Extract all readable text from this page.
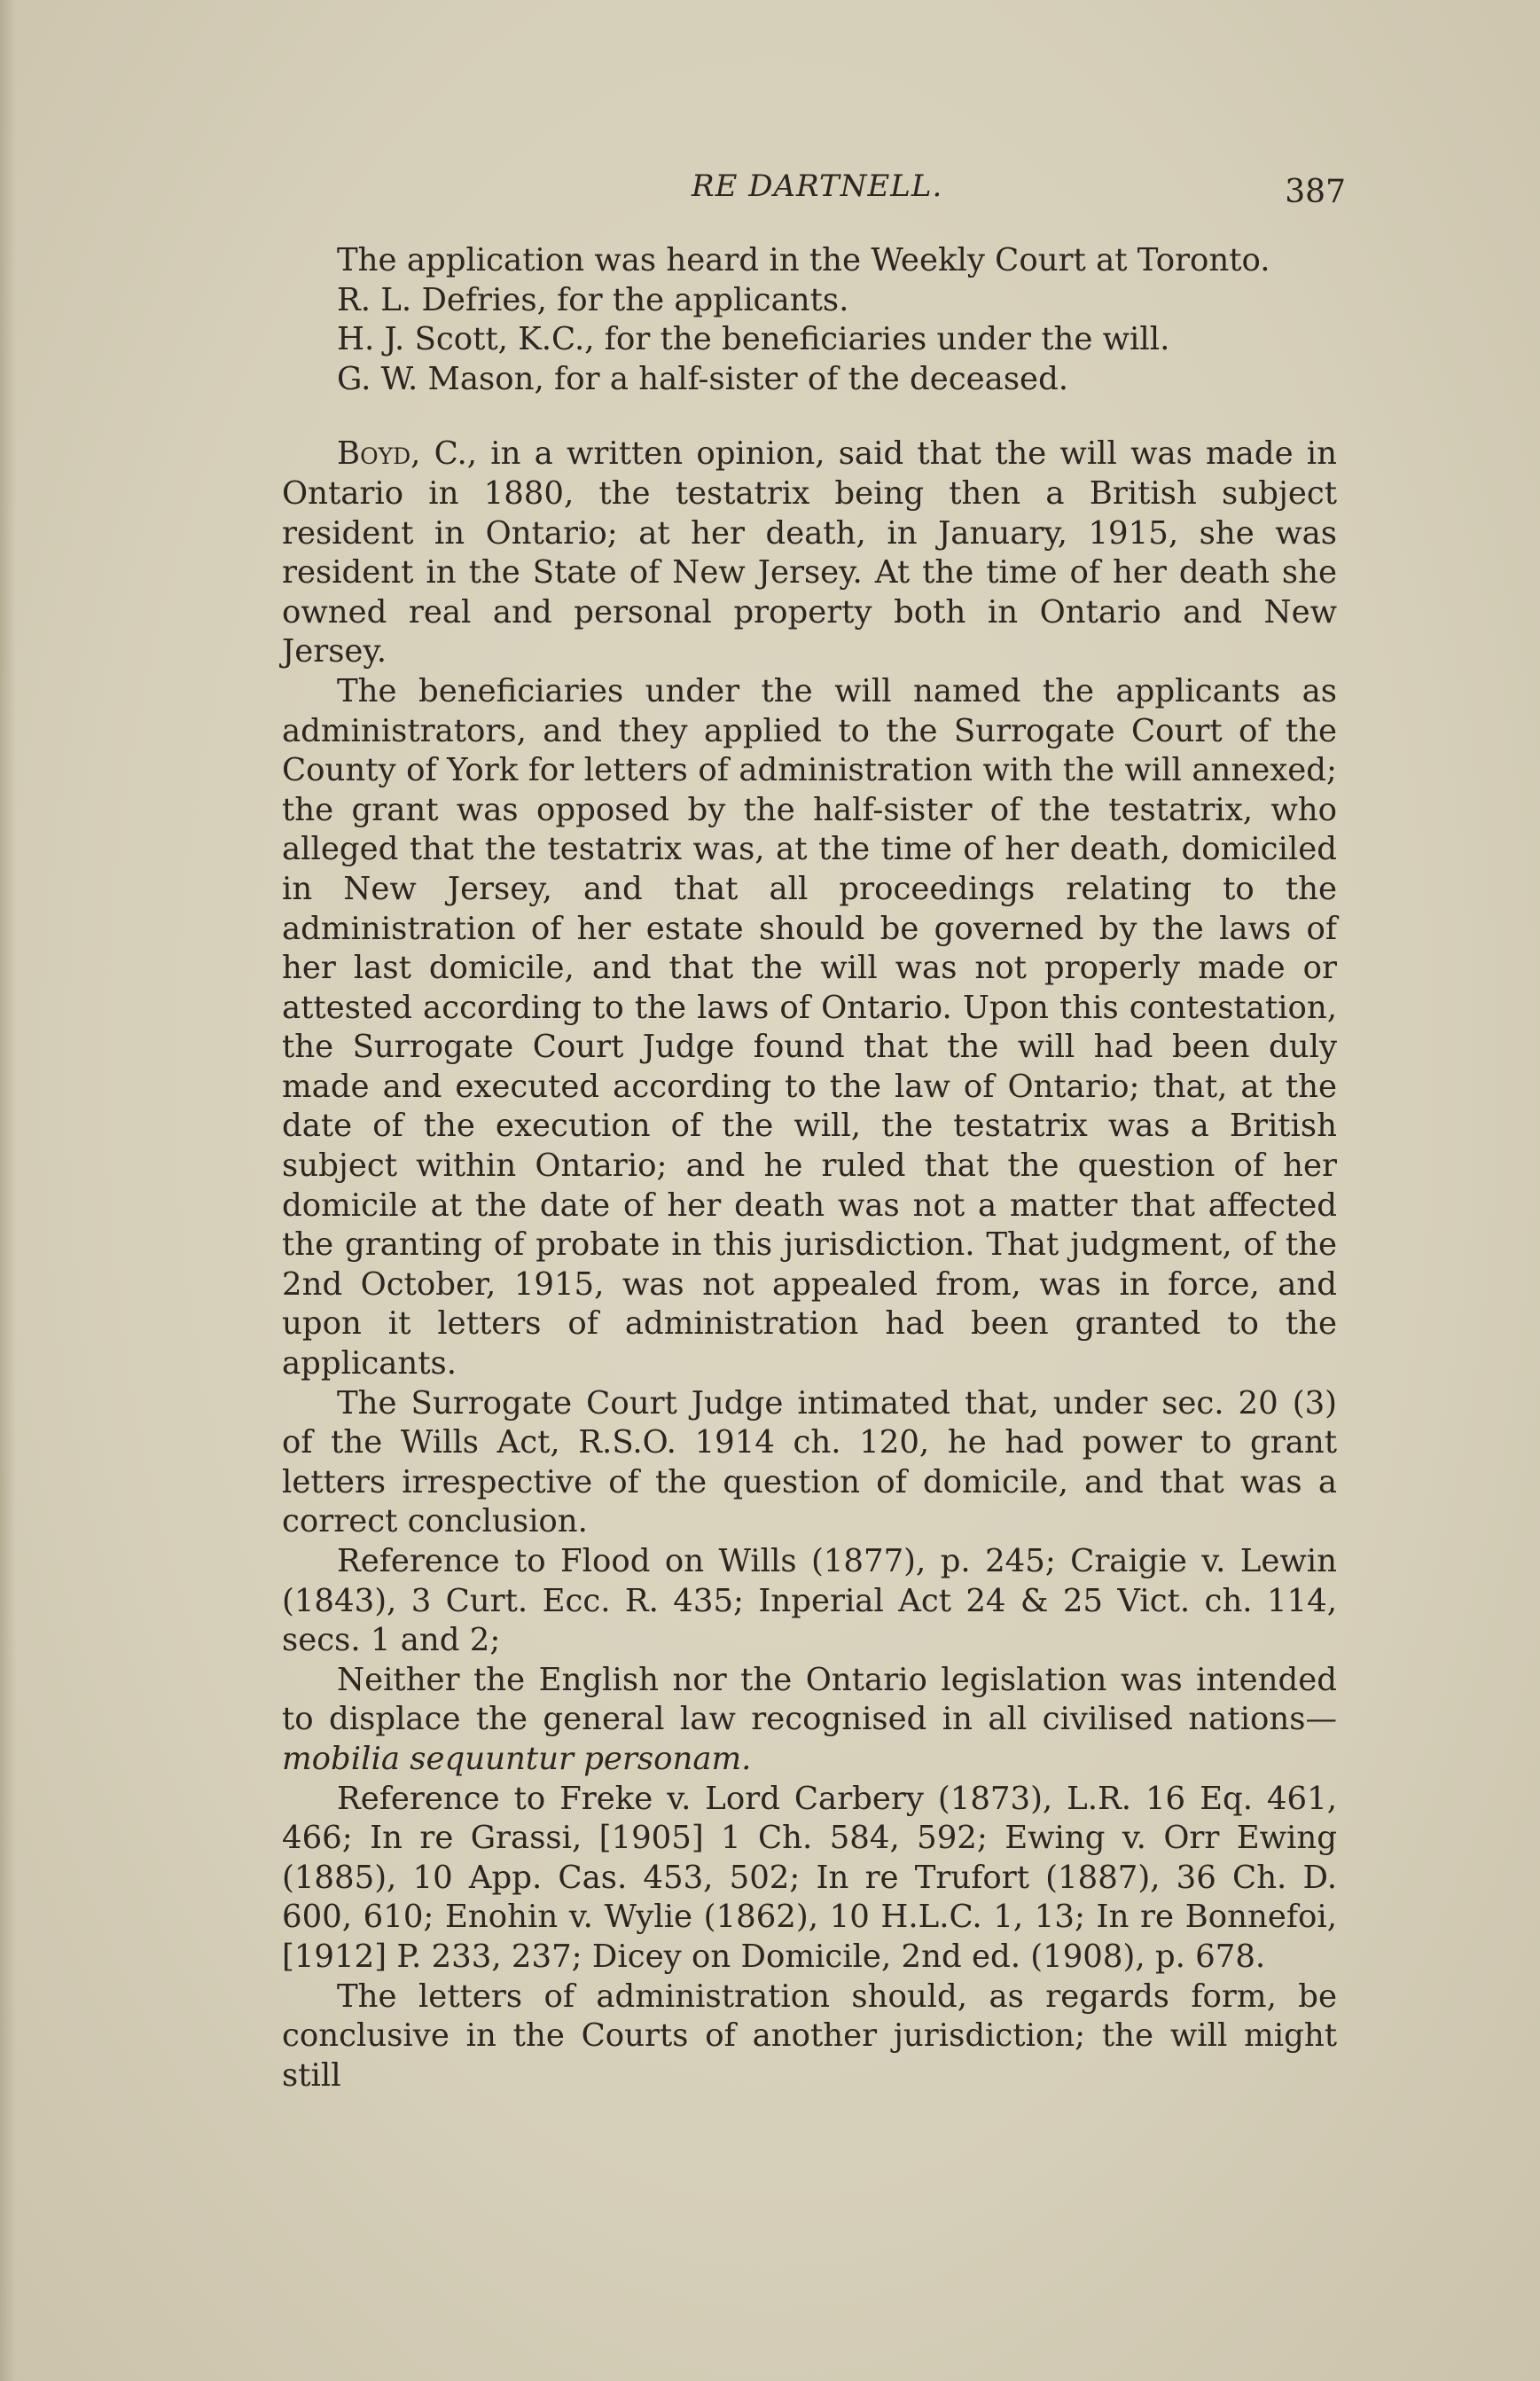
RE DARTNELL.	387

The application was heard in the Weekly Court at Toronto.

R. L. Defries, for the applicants.

H. J. Scott, K.C., for the beneficiaries under the will.

G. W. Mason, for a half-sister of the deceased.

Boyd, C., in a written opinion, said that the will was made in Ontario in 1880, the testatrix being then a British subject resident in Ontario; at her death, in January, 1915, she was resident in the State of New Jersey. At the time of her death she owned real and personal property both in Ontario and New Jersey.

The beneficiaries under the will named the applicants as administrators, and they applied to the Surrogate Court of the County of York for letters of administration with the will annexed; the grant was opposed by the half-sister of the testatrix, who alleged that the testatrix was, at the time of her death, domiciled in New Jersey, and that all proceedings relating to the administration of her estate should be governed by the laws of her last domicile, and that the will was not properly made or attested according to the laws of Ontario. Upon this contestation, the Surrogate Court Judge found that the will had been duly made and executed according to the law of Ontario; that, at the date of the execution of the will, the testatrix was a British subject within Ontario; and he ruled that the question of her domicile at the date of her death was not a matter that affected the granting of probate in this jurisdiction. That judgment, of the 2nd October, 1915, was not appealed from, was in force, and upon it letters of administration had been granted to the applicants.

The Surrogate Court Judge intimated that, under sec. 20 (3) of the Wills Act, R.S.O. 1914 ch. 120, he had power to grant letters irrespective of the question of domicile, and that was a correct conclusion.

Reference to Flood on Wills (1877), p. 245; Craigie v. Lewin (1843), 3 Curt. Ecc. R. 435; Inperial Act 24 & 25 Vict. ch. 114, secs. 1 and 2;

Neither the English nor the Ontario legislation was intended to displace the general law recognised in all civilised nations— mobilia sequuntur personam.

Reference to Freke v. Lord Carbery (1873), L.R. 16 Eq. 461, 466; In re Grassi, [1905] 1 Ch. 584, 592; Ewing v. Orr Ewing (1885), 10 App. Cas. 453, 502; In re Trufort (1887), 36 Ch. D. 600, 610; Enohin v. Wylie (1862), 10 H.L.C. 1, 13; In re Bonnefoi, [1912] P. 233, 237; Dicey on Domicile, 2nd ed. (1908), p. 678.

The letters of administration should, as regards form, be conclusive in the Courts of another jurisdiction; the will might still
